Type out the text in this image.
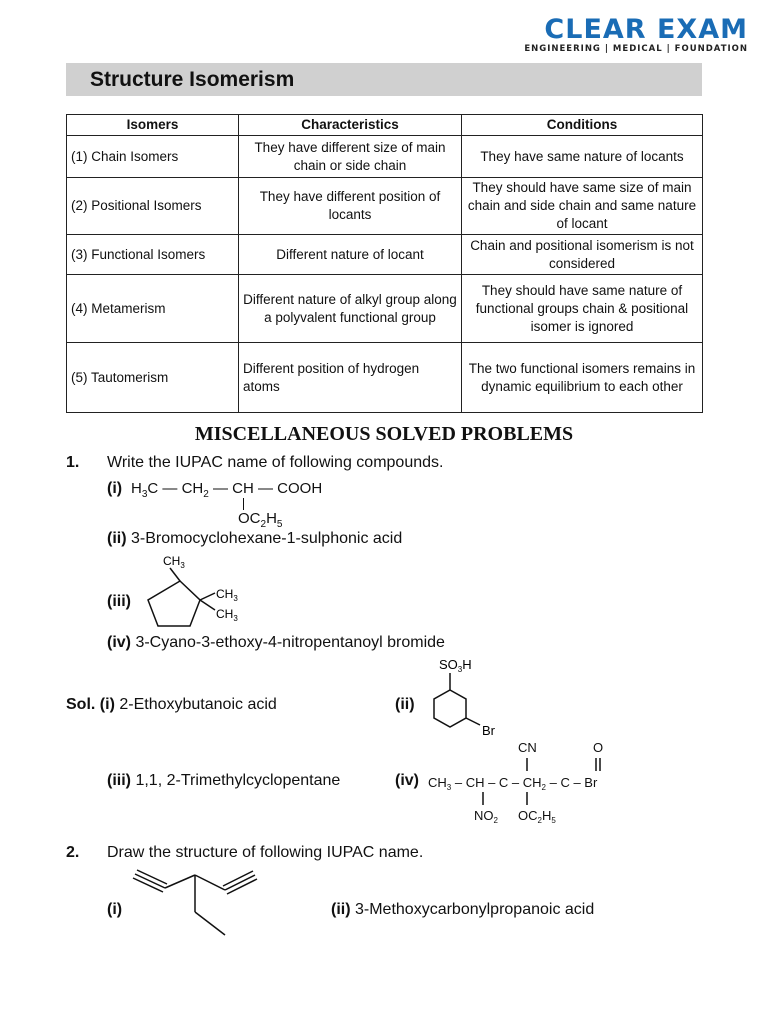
CLEAR EXAM
ENGINEERING | MEDICAL | FOUNDATION
Structure Isomerism
Isomers	Characteristics	Conditions
(1) Chain Isomers	They have different size of main chain or side chain	They have same nature of locants
(2) Positional Isomers	They have different position of locants	They should have same size of main chain and side chain and same nature of locant
(3) Functional Isomers	Different nature of locant	Chain and positional isomerism is not considered
(4) Metamerism	Different nature of alkyl group along a polyvalent functional group	They should have same nature of functional groups chain & positional isomer is ignored
(5) Tautomerism	Different position of hydrogen atoms	The two functional isomers remains in dynamic equilibrium to each other
MISCELLANEOUS SOLVED PROBLEMS
1. Write the IUPAC name of following compounds.
(i) $H_3C$ — $CH_2$ — CH — COOH
$OC_2H_5$
(ii) 3-Bromocyclohexane-1-sulphonic acid
(iii)
$CH_3$
$CH_3$
$CH_3$
(iv) 3-Cyano-3-ethoxy-4-nitropentanoyl bromide
Sol. (i) 2-Ethoxybutanoic acid	(ii)
$SO_3H$
Br
(iii) 1,1, 2-Trimethylcyclopentane	(iv)
CN	O
$CH_3$ – CH – C – $CH_2$ – C – Br
$NO_2$ $OC_2H_5$
2. Draw the structure of following IUPAC name.
(i)	(ii) 3-Methoxycarbonylpropanoic acid
